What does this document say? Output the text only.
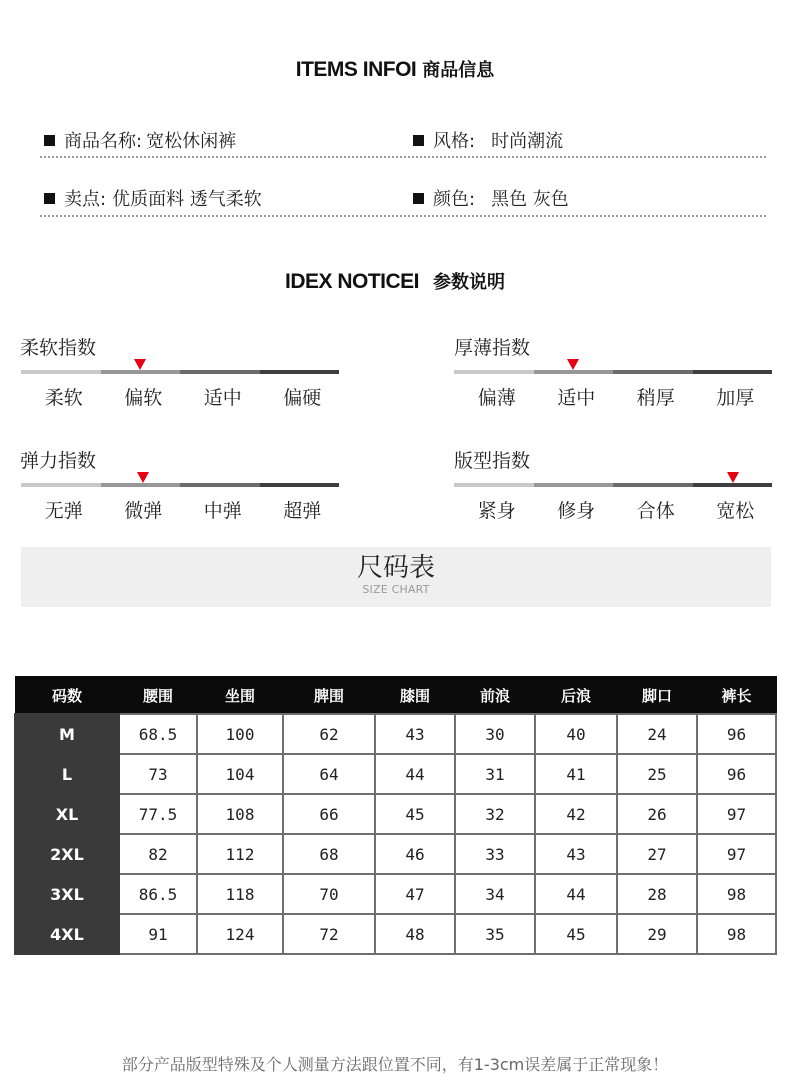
ITEMS INFOI 商品信息
商品名称: 宽松休闲裤	风格: 时尚潮流
卖点: 优质面料 透气柔软	颜色: 黑色 灰色
IDEX NOTICEI 参数说明
柔软指数
柔软	偏软	适中	偏硬
厚薄指数
偏薄	适中	稍厚	加厚
弹力指数
无弹	微弹	中弹	超弹
版型指数
紧身	修身	合体	宽松
尺码表
SIZE CHART
码数	腰围	坐围	脾围	膝围	前浪	后浪	脚口	裤长
M	68.5	100	62	43	30	40	24	96
L	73	104	64	44	31	41	25	96
XL	77.5	108	66	45	32	42	26	97
2XL	82	112	68	46	33	43	27	97
3XL	86.5	118	70	47	34	44	28	98
4XL	91	124	72	48	35	45	29	98
部分产品版型特殊及个人测量方法跟位置不同，有1-3cm误差属于正常现象！
